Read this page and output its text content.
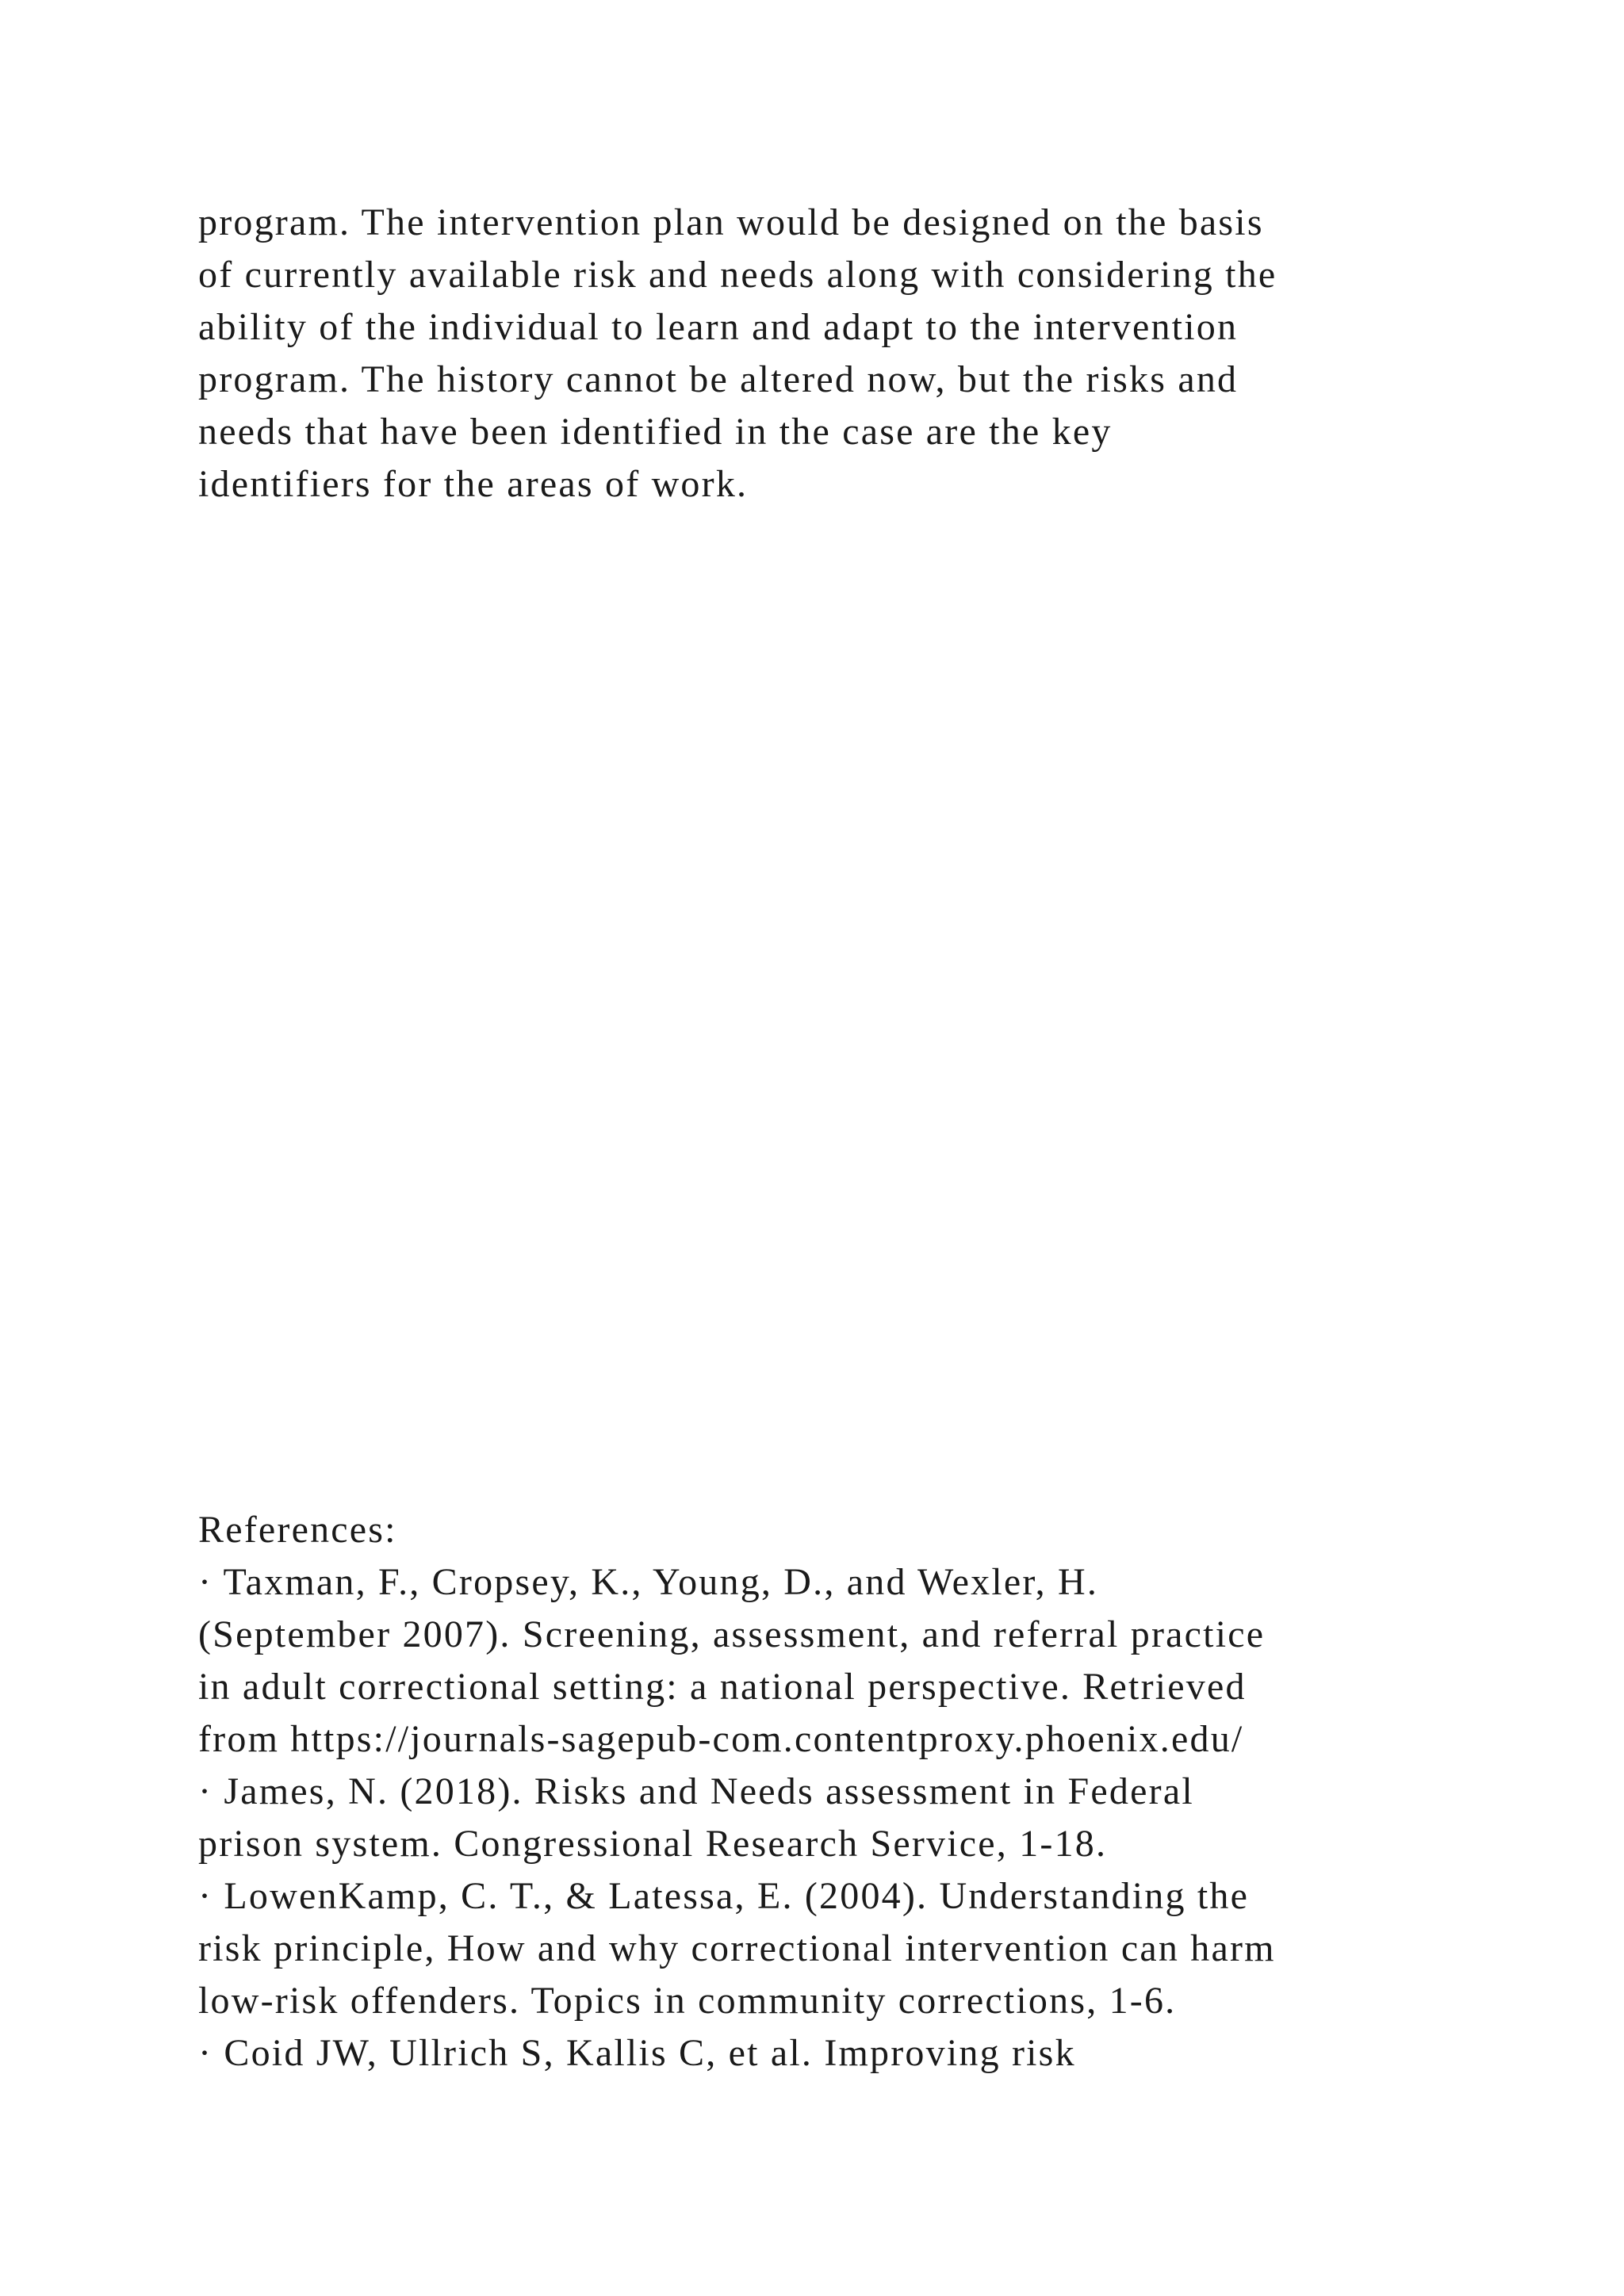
program. The intervention plan would be designed on the basis
of currently available risk and needs along with considering the
ability of the individual to learn and adapt to the intervention
program. The history cannot be altered now, but the risks and
needs that have been identified in the case are the key
identifiers for the areas of work.
References:
· Taxman, F., Cropsey, K., Young, D., and Wexler, H.
(September 2007). Screening, assessment, and referral practice
in adult correctional setting: a national perspective. Retrieved
from https://journals-sagepub-com.contentproxy.phoenix.edu/
· James, N. (2018). Risks and Needs assessment in Federal
prison system. Congressional Research Service, 1-18.
· LowenKamp, C. T., & Latessa, E. (2004). Understanding the
risk principle, How and why correctional intervention can harm
low-risk offenders. Topics in community corrections, 1-6.
· Coid JW, Ullrich S, Kallis C, et al. Improving risk
